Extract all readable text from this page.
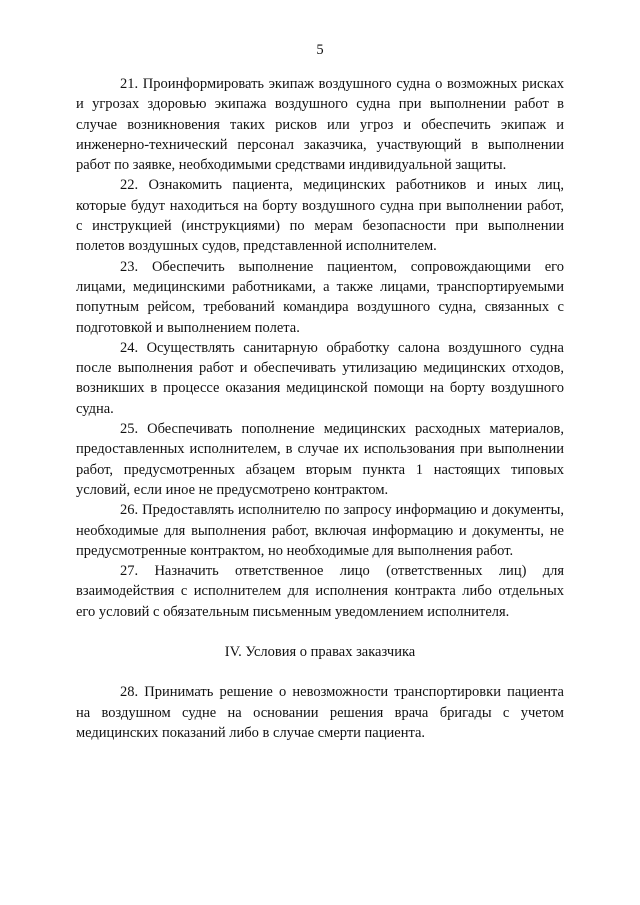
5

21. Проинформировать экипаж воздушного судна о возможных рисках и угрозах здоровью экипажа воздушного судна при выполнении работ в случае возникновения таких рисков или угроз и обеспечить экипаж и инженерно-технический персонал заказчика, участвующий в выполнении работ по заявке, необходимыми средствами индивидуальной защиты.

22. Ознакомить пациента, медицинских работников и иных лиц, которые будут находиться на борту воздушного судна при выполнении работ, с инструкцией (инструкциями) по мерам безопасности при выполнении полетов воздушных судов, представленной исполнителем.

23. Обеспечить выполнение пациентом, сопровождающими его лицами, медицинскими работниками, а также лицами, транспортируемыми попутным рейсом, требований командира воздушного судна, связанных с подготовкой и выполнением полета.

24. Осуществлять санитарную обработку салона воздушного судна после выполнения работ и обеспечивать утилизацию медицинских отходов, возникших в процессе оказания медицинской помощи на борту воздушного судна.

25. Обеспечивать пополнение медицинских расходных материалов, предоставленных исполнителем, в случае их использования при выполнении работ, предусмотренных абзацем вторым пункта 1 настоящих типовых условий, если иное не предусмотрено контрактом.

26. Предоставлять исполнителю по запросу информацию и документы, необходимые для выполнения работ, включая информацию и документы, не предусмотренные контрактом, но необходимые для выполнения работ.

27. Назначить ответственное лицо (ответственных лиц) для взаимодействия с исполнителем для исполнения контракта либо отдельных его условий с обязательным письменным уведомлением исполнителя.

IV. Условия о правах заказчика

28. Принимать решение о невозможности транспортировки пациента на воздушном судне на основании решения врача бригады с учетом медицинских показаний либо в случае смерти пациента.
